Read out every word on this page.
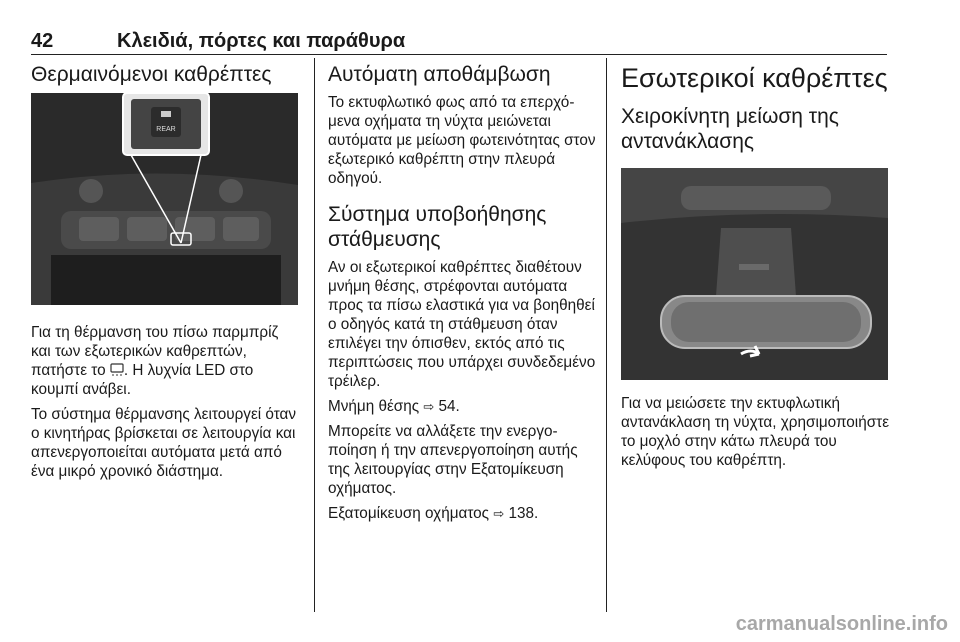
42	Κλειδιά, πόρτες και παράθυρα
Θερμαινόμενοι καθρέπτες
REAR

Για τη θέρμανση του πίσω παρμπρίζ και των εξωτερικών καθρεπτών, πατήστε το . Η λυχνία LED στο κουμπί ανάβει.

Το σύστημα θέρμανσης λειτουργεί όταν ο κινητήρας βρίσκεται σε λειτουργία και απενεργοποιείται αυτόματα μετά από ένα μικρό χρονικό διάστημα.

Αυτόματη αποθάμβωση

Το εκτυφλωτικό φως από τα επερχόμενα οχήματα τη νύχτα μειώνεται αυτόματα με μείωση φωτεινότητας στον εξωτερικό καθρέπτη στην πλευρά οδηγού.

Σύστημα υποβοήθησης στάθμευσης

Αν οι εξωτερικοί καθρέπτες διαθέτουν μνήμη θέσης, στρέφονται αυτόματα προς τα πίσω ελαστικά για να βοηθηθεί ο οδηγός κατά τη στάθμευση όταν επιλέγει την όπισθεν, εκτός από τις περιπτώσεις που υπάρχει συνδεδεμένο τρέιλερ.

Μνήμη θέσης ⇨ 54.

Μπορείτε να αλλάξετε την ενεργοποίηση ή την απενεργοποίηση αυτής της λειτουργίας στην Εξατομίκευση οχήματος.

Εξατομίκευση οχήματος ⇨ 138.

Εσωτερικοί καθρέπτες
Χειροκίνητη μείωση της αντανάκλασης

Για να μειώσετε την εκτυφλωτική αντανάκλαση τη νύχτα, χρησιμοποιήστε το μοχλό στην κάτω πλευρά του κελύφους του καθρέπτη.

carmanualsonline.info
